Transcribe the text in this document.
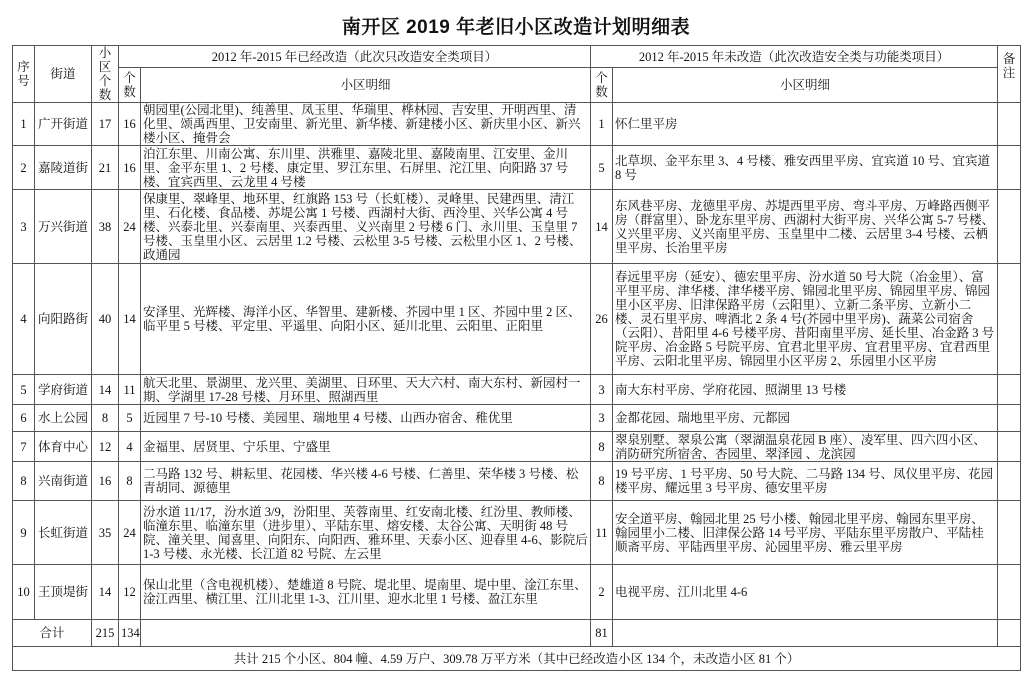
南开区 2019 年老旧小区改造计划明细表
序号	街道	小区个数	2012 年-2015 年已经改造（此次只改造安全类项目）		2012 年-2015 年未改造（此次改造安全类与功能类项目）		备注
			个数	小区明细	个数	小区明细	
1	广开街道	17	16	朝园里(公园北里)、纯善里、凤玉里、华瑞里、桦林园、吉安里、开明西里、清化里、颂禹西里、卫安南里、新光里、新华楼、新建楼小区、新庆里小区、新兴楼小区、掩骨会	1	怀仁里平房	
2	嘉陵道街	21	16	泊江东里、川南公寓、东川里、洪雅里、嘉陵北里、嘉陵南里、江安里、金川里、金平东里 1、2 号楼、康定里、罗江东里、石屏里、沱江里、向阳路 37 号楼、宜宾西里、云龙里 4 号楼	5	北草坝、金平东里 3、4 号楼、雅安西里平房、宜宾道 10 号、宜宾道 8 号	
3	万兴街道	38	24	保康里、翠峰里、地环里、红旗路 153 号（长虹楼）、灵峰里、民建西里、清江里、石化楼、食品楼、苏堤公寓 1 号楼、西湖村大街、西泠里、兴华公寓 4 号楼、兴泰北里、兴泰南里、兴泰西里、义兴南里 2 号楼 6 门、永川里、玉皇里 7 号楼、玉皇里小区、云居里 1.2 号楼、云松里 3-5 号楼、云松里小区 1、2 号楼、政通园	14	东风巷平房、龙德里平房、苏堤西里平房、弯斗平房、万峰路西侧平房（群富里）、卧龙东里平房、西湖村大街平房、兴华公寓 5-7 号楼、义兴里平房、义兴南里平房、玉皇里中二楼、云居里 3-4 号楼、云栖里平房、长治里平房	
4	向阳路街	40	14	安泽里、光辉楼、海洋小区、华智里、建新楼、芥园中里 1 区、芥园中里 2 区、临平里 5 号楼、平定里、平遥里、向阳小区、延川北里、云阳里、正阳里	26	春远里平房（延安）、德宏里平房、汾水道 50 号大院（冶金里）、富平里平房、津华楼、津华楼平房、锦园北里平房、锦园里平房、锦园里小区平房、旧津保路平房（云阳里）、立新二条平房、立新小二楼、灵石里平房、啤酒北 2 条 4 号(芥园中里平房)、蔬菜公司宿舍（云阳）、昔阳里 4-6 号楼平房、昔阳南里平房、延长里、冶金路 3 号院平房、冶金路 5 号院平房、宜君北里平房、宜君里平房、宜君西里平房、云阳北里平房、锦园里小区平房 2、乐园里小区平房	
5	学府街道	14	11	航天北里、景湖里、龙兴里、美湖里、日环里、天大六村、南大东村、新园村一期、学湖里 17-28 号楼、月环里、照湖西里	3	南大东村平房、学府花园、照湖里 13 号楼	
6	水上公园	8	5	近园里 7 号-10 号楼、美园里、瑞地里 4 号楼、山西办宿舍、稚优里	3	金都花园、瑞地里平房、元都园	
7	体育中心	12	4	金福里、居贤里、宁乐里、宁盛里	8	翠泉别墅、翠泉公寓（翠湖温泉花园 B 座）、凌军里、四六四小区、消防研究所宿舍、杏园里、翠泽园 、龙滨园	
8	兴南街道	16	8	二马路 132 号、耕耘里、花园楼、华兴楼 4-6 号楼、仁善里、荣华楼 3 号楼、松青胡同、源德里	8	19 号平房、1 号平房、50 号大院、二马路 134 号、凤仪里平房、花园楼平房、耀远里 3 号平房、德安里平房	
9	长虹街道	35	24	汾水道 11/17，汾水道 3/9，汾阳里、芙蓉南里、红安南北楼、红汾里、教师楼、临潼东里、临潼东里（进步里）、平陆东里、熔安楼、太谷公寓、天明街 48 号院、潼关里、闻喜里、向阳东、向阳西、雅环里、天泰小区、迎春里 4-6、影院后 1-3 号楼、永光楼、长江道 82 号院、左云里	11	安全道平房、翰园北里 25 号小楼、翰园北里平房、翰园东里平房、翰园里小二楼、旧津保公路 14 号平房、平陆东里平房散户、平陆桂顺斋平房、平陆西里平房、沁园里平房、雅云里平房	
10	王顶堤街	14	12	保山北里（含电视机楼）、楚雄道 8 号院、堤北里、堤南里、堤中里、淦江东里、淦江西里、横江里、江川北里 1-3、江川里、迎水北里 1 号楼、盈江东里	2	电视平房、江川北里 4-6	
合计		215	134		81		
共计 215 个小区、804 幢、4.59 万户、309.78 万平方米（其中已经改造小区 134 个，未改造小区 81 个）							
